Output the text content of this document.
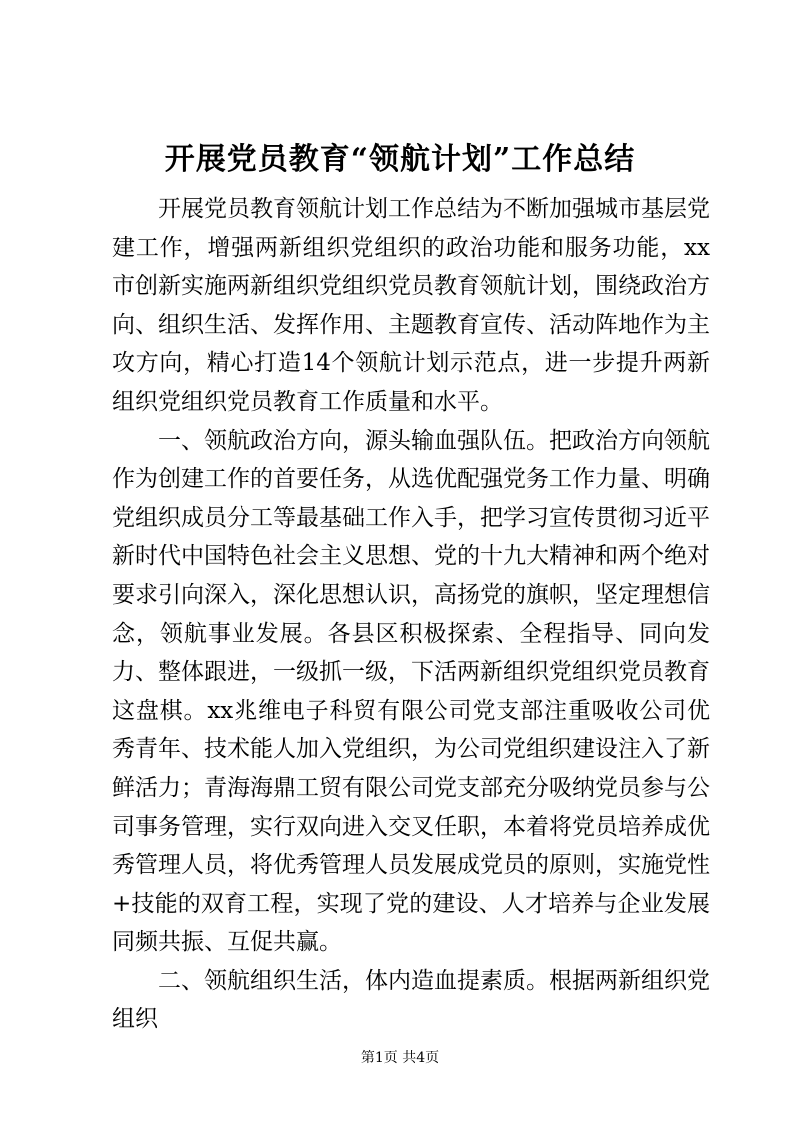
开展党员教育“领航计划”工作总结

开展党员教育领航计划工作总结为不断加强城市基层党建工作，增强两新组织党组织的政治功能和服务功能，xx市创新实施两新组织党组织党员教育领航计划，围绕政治方向、组织生活、发挥作用、主题教育宣传、活动阵地作为主攻方向，精心打造14个领航计划示范点，进一步提升两新组织党组织党员教育工作质量和水平。

一、领航政治方向，源头输血强队伍。把政治方向领航作为创建工作的首要任务，从选优配强党务工作力量、明确党组织成员分工等最基础工作入手，把学习宣传贯彻习近平新时代中国特色社会主义思想、党的十九大精神和两个绝对要求引向深入，深化思想认识，高扬党的旗帜，坚定理想信念，领航事业发展。各县区积极探索、全程指导、同向发力、整体跟进，一级抓一级，下活两新组织党组织党员教育这盘棋。xx兆维电子科贸有限公司党支部注重吸收公司优秀青年、技术能人加入党组织，为公司党组织建设注入了新鲜活力；青海海鼎工贸有限公司党支部充分吸纳党员参与公司事务管理，实行双向进入交叉任职，本着将党员培养成优秀管理人员，将优秀管理人员发展成党员的原则，实施党性+技能的双育工程，实现了党的建设、人才培养与企业发展同频共振、互促共赢。

二、领航组织生活，体内造血提素质。根据两新组织党组织

第1页 共4页
